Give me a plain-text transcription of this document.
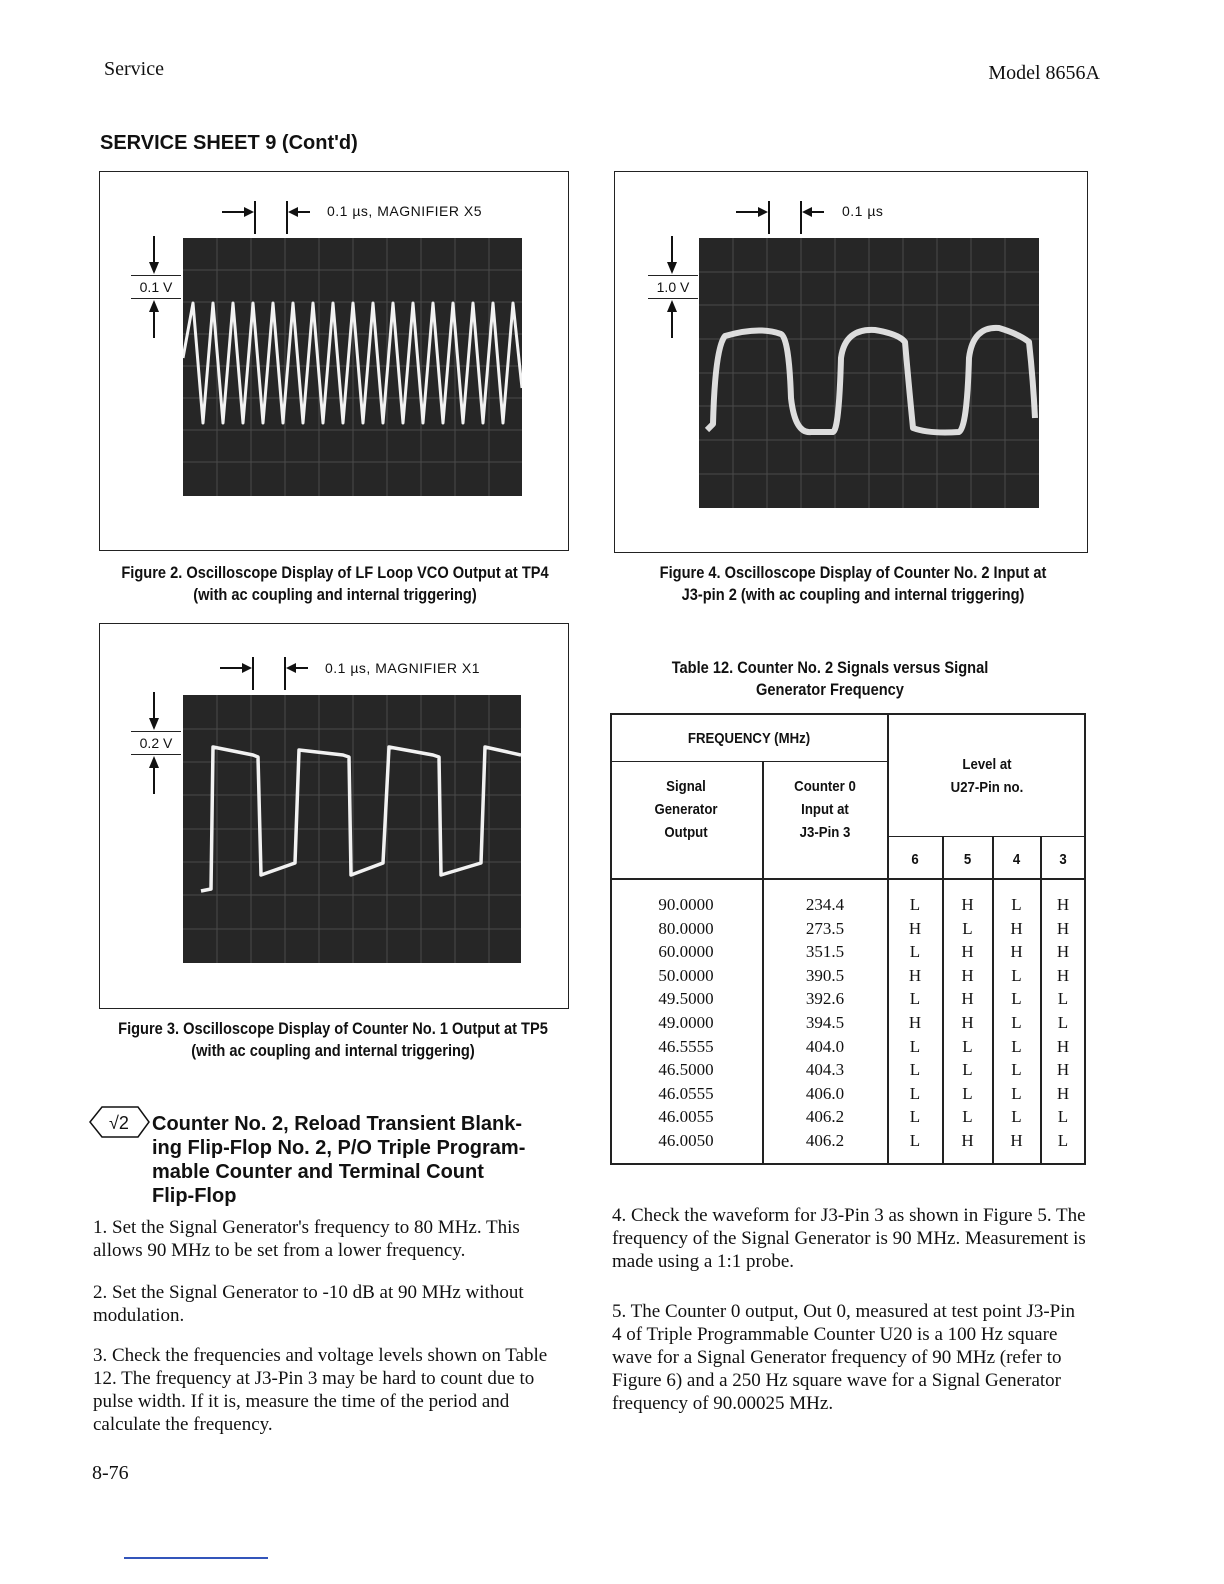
Service	Model 8656A
SERVICE SHEET 9 (Cont'd)
0.1 µs, MAGNIFIER X5
0.1 V
Figure 2. Oscilloscope Display of LF Loop VCO Output at TP4
(with ac coupling and internal triggering)
0.1 µs, MAGNIFIER X1
0.2 V
Figure 3. Oscilloscope Display of Counter No. 1 Output at TP5
(with ac coupling and internal triggering)
0.1 µs
1.0 V
Figure 4. Oscilloscope Display of Counter No. 2 Input at
J3-pin 2 (with ac coupling and internal triggering)
Table 12. Counter No. 2 Signals versus Signal
Generator Frequency
FREQUENCY (MHz)
Signal
Generator
Output
Counter 0
Input at
J3-Pin 3
Level at
U27-Pin no.
6	5	4	3
90.0000	234.4	L	H	L	H
80.0000	273.5	H	L	H	H
60.0000	351.5	L	H	H	H
50.0000	390.5	H	H	L	H
49.5000	392.6	L	H	L	L
49.0000	394.5	H	H	L	L
46.5555	404.0	L	L	L	H
46.5000	404.3	L	L	L	H
46.0555	406.0	L	L	L	H
46.0055	406.2	L	L	L	L
46.0050	406.2	L	H	H	L
√2 Counter No. 2, Reload Transient Blank-
ing Flip-Flop No. 2, P/O Triple Program-
mable Counter and Terminal Count
Flip-Flop
1. Set the Signal Generator's frequency to 80 MHz. This allows 90 MHz to be set from a lower frequency.
2. Set the Signal Generator to -10 dB at 90 MHz without modulation.
3. Check the frequencies and voltage levels shown on Table 12. The frequency at J3-Pin 3 may be hard to count due to pulse width. If it is, measure the time of the period and calculate the frequency.
4. Check the waveform for J3-Pin 3 as shown in Figure 5. The frequency of the Signal Generator is 90 MHz. Measurement is made using a 1:1 probe.
5. The Counter 0 output, Out 0, measured at test point J3-Pin 4 of Triple Programmable Counter U20 is a 100 Hz square wave for a Signal Generator frequency of 90 MHz (refer to Figure 6) and a 250 Hz square wave for a Signal Generator frequency of 90.00025 MHz.
8-76
